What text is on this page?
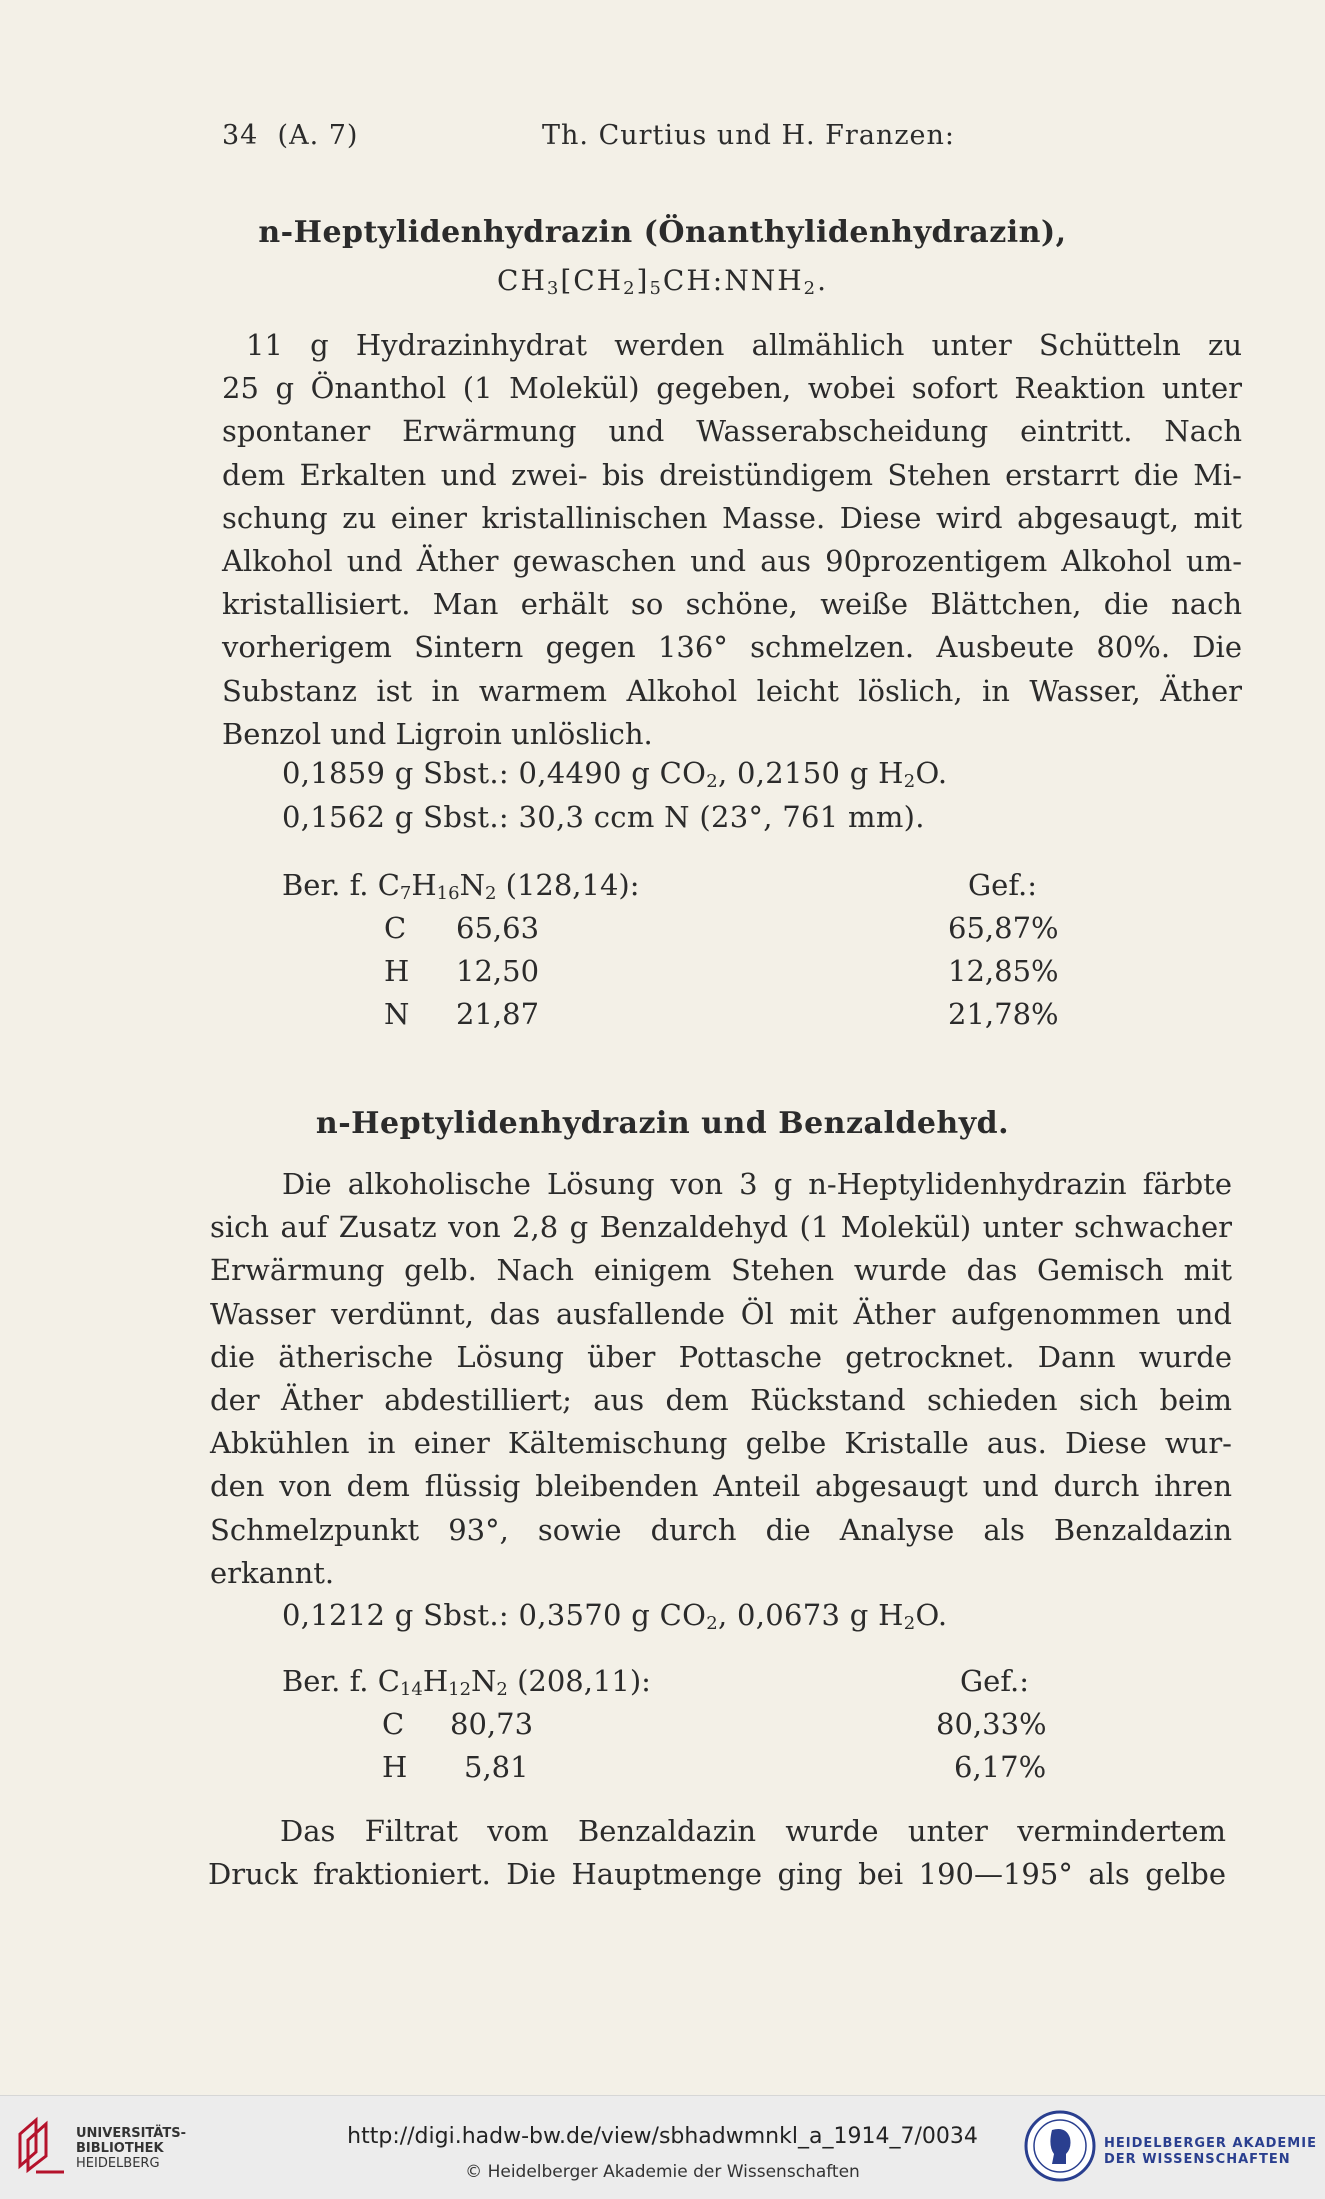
34 (A. 7)	Th. Curtius und H. Franzen:
n-Heptylidenhydrazin (Önanthylidenhydrazin),
$CH_3[CH_2]_5CH:NNH_2$.
11 g Hydrazinhydrat werden allmählich unter Schütteln zu
25 g Önanthol (1 Molekül) gegeben, wobei sofort Reaktion unter
spontaner Erwärmung und Wasserabscheidung eintritt. Nach
dem Erkalten und zwei- bis dreistündigem Stehen erstarrt die Mi-
schung zu einer kristallinischen Masse. Diese wird abgesaugt, mit
Alkohol und Äther gewaschen und aus 90prozentigem Alkohol um-
kristallisiert. Man erhält so schöne, weiße Blättchen, die nach
vorherigem Sintern gegen 136° schmelzen. Ausbeute 80%. Die
Substanz ist in warmem Alkohol leicht löslich, in Wasser, Äther
Benzol und Ligroin unlöslich.
0,1859 g Sbst.: 0,4490 g $CO_2$, 0,2150 g $H_2O$.
0,1562 g Sbst.: 30,3 ccm N (23°, 761 mm).
Ber. f. $C_7H_{16}N_2$ (128,14):	Gef.:
C 65,63	65,87%
H 12,50	12,85%
N 21,87	21,78%
n-Heptylidenhydrazin und Benzaldehyd.
Die alkoholische Lösung von 3 g n-Heptylidenhydrazin färbte
sich auf Zusatz von 2,8 g Benzaldehyd (1 Molekül) unter schwacher
Erwärmung gelb. Nach einigem Stehen wurde das Gemisch mit
Wasser verdünnt, das ausfallende Öl mit Äther aufgenommen und
die ätherische Lösung über Pottasche getrocknet. Dann wurde
der Äther abdestilliert; aus dem Rückstand schieden sich beim
Abkühlen in einer Kältemischung gelbe Kristalle aus. Diese wur-
den von dem flüssig bleibenden Anteil abgesaugt und durch ihren
Schmelzpunkt 93°, sowie durch die Analyse als Benzaldazin
erkannt.
0,1212 g Sbst.: 0,3570 g $CO_2$, 0,0673 g $H_2O$.
Ber. f. $C_{14}H_{12}N_2$ (208,11):	Gef.:
C 80,73	80,33%
H 5,81	6,17%
Das Filtrat vom Benzaldazin wurde unter vermindertem
Druck fraktioniert. Die Hauptmenge ging bei 190—195° als gelbe
UNIVERSITÄTS-
BIBLIOTHEK
HEIDELBERG
http://digi.hadw-bw.de/view/sbhadwmnkl_a_1914_7/0034
© Heidelberger Akademie der Wissenschaften
HEIDELBERGER AKADEMIE
DER WISSENSCHAFTEN
